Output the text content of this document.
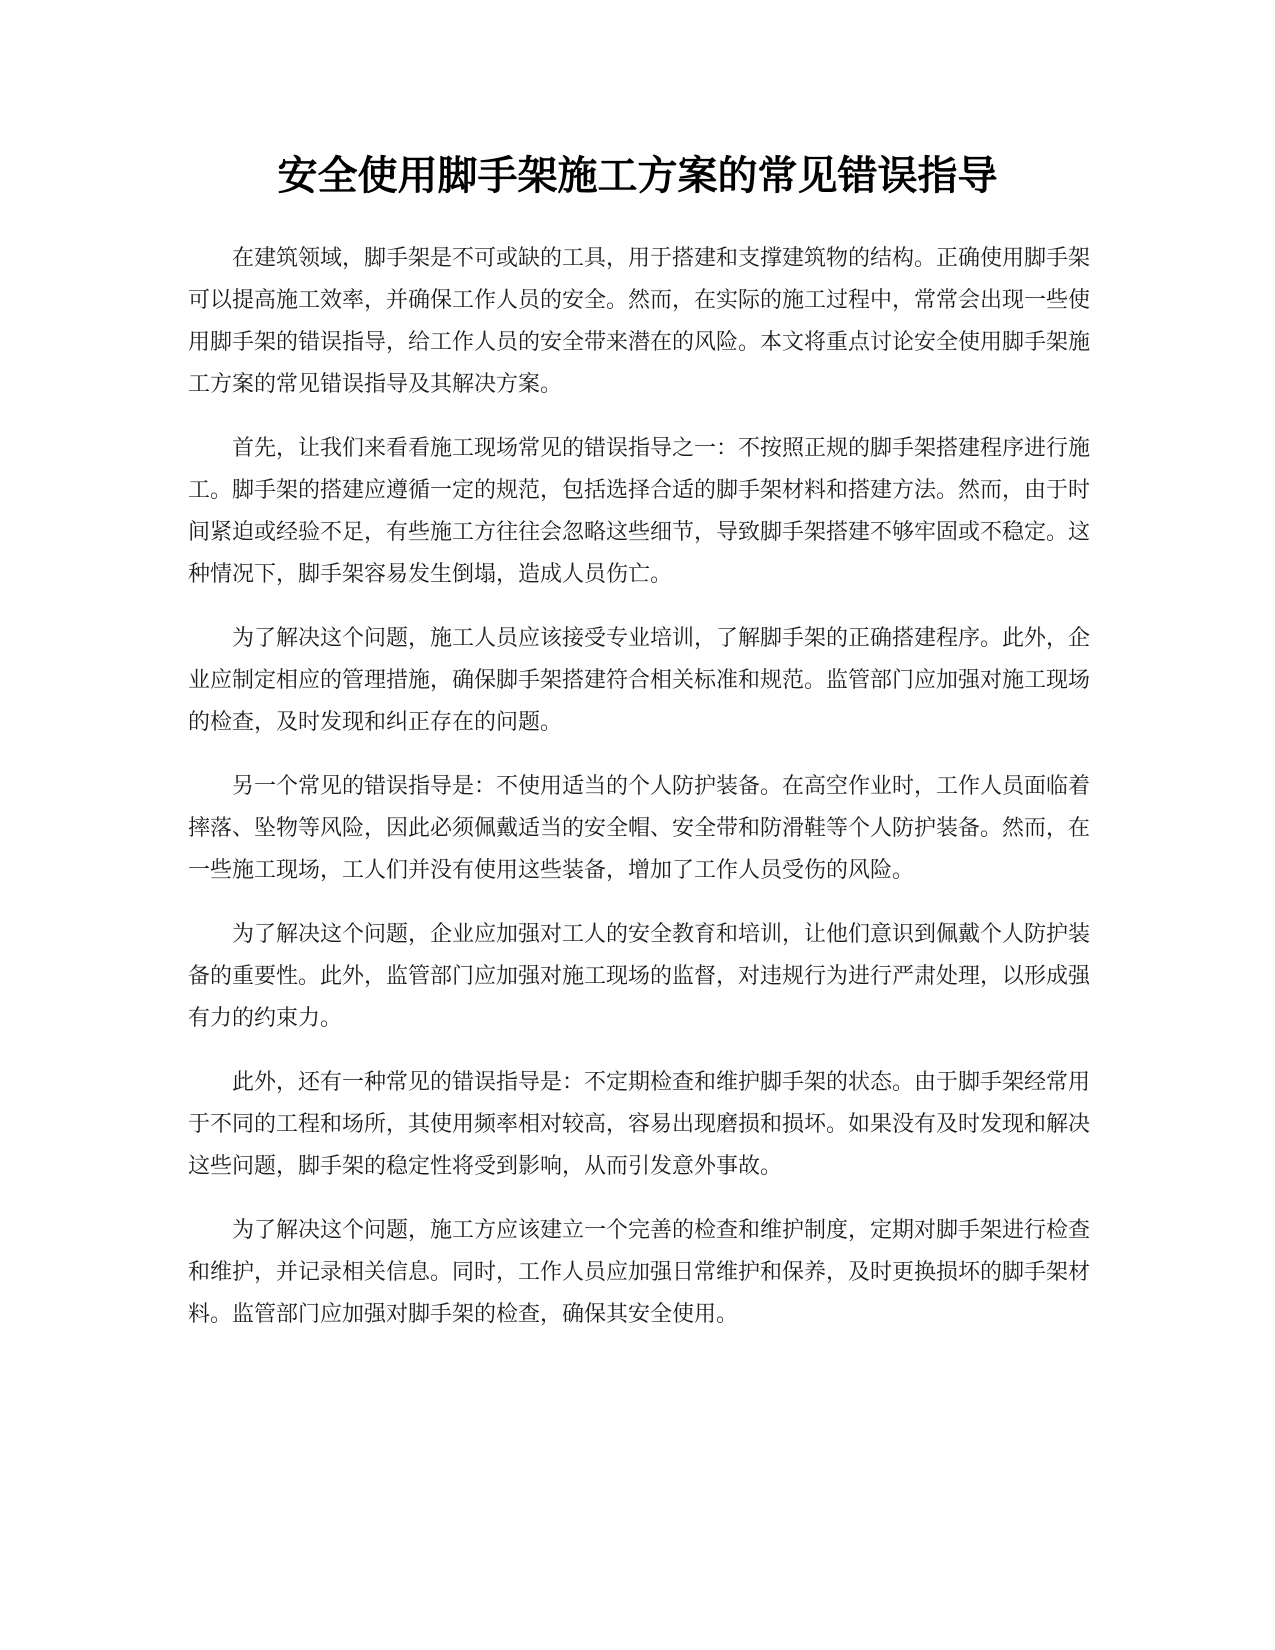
安全使用脚手架施工方案的常见错误指导

在建筑领域，脚手架是不可或缺的工具，用于搭建和支撑建筑物的结构。正确使用脚手架可以提高施工效率，并确保工作人员的安全。然而，在实际的施工过程中，常常会出现一些使用脚手架的错误指导，给工作人员的安全带来潜在的风险。本文将重点讨论安全使用脚手架施工方案的常见错误指导及其解决方案。

首先，让我们来看看施工现场常见的错误指导之一：不按照正规的脚手架搭建程序进行施工。脚手架的搭建应遵循一定的规范，包括选择合适的脚手架材料和搭建方法。然而，由于时间紧迫或经验不足，有些施工方往往会忽略这些细节，导致脚手架搭建不够牢固或不稳定。这种情况下，脚手架容易发生倒塌，造成人员伤亡。

为了解决这个问题，施工人员应该接受专业培训，了解脚手架的正确搭建程序。此外，企业应制定相应的管理措施，确保脚手架搭建符合相关标准和规范。监管部门应加强对施工现场的检查，及时发现和纠正存在的问题。

另一个常见的错误指导是：不使用适当的个人防护装备。在高空作业时，工作人员面临着摔落、坠物等风险，因此必须佩戴适当的安全帽、安全带和防滑鞋等个人防护装备。然而，在一些施工现场，工人们并没有使用这些装备，增加了工作人员受伤的风险。

为了解决这个问题，企业应加强对工人的安全教育和培训，让他们意识到佩戴个人防护装备的重要性。此外，监管部门应加强对施工现场的监督，对违规行为进行严肃处理，以形成强有力的约束力。

此外，还有一种常见的错误指导是：不定期检查和维护脚手架的状态。由于脚手架经常用于不同的工程和场所，其使用频率相对较高，容易出现磨损和损坏。如果没有及时发现和解决这些问题，脚手架的稳定性将受到影响，从而引发意外事故。

为了解决这个问题，施工方应该建立一个完善的检查和维护制度，定期对脚手架进行检查和维护，并记录相关信息。同时，工作人员应加强日常维护和保养，及时更换损坏的脚手架材料。监管部门应加强对脚手架的检查，确保其安全使用。
